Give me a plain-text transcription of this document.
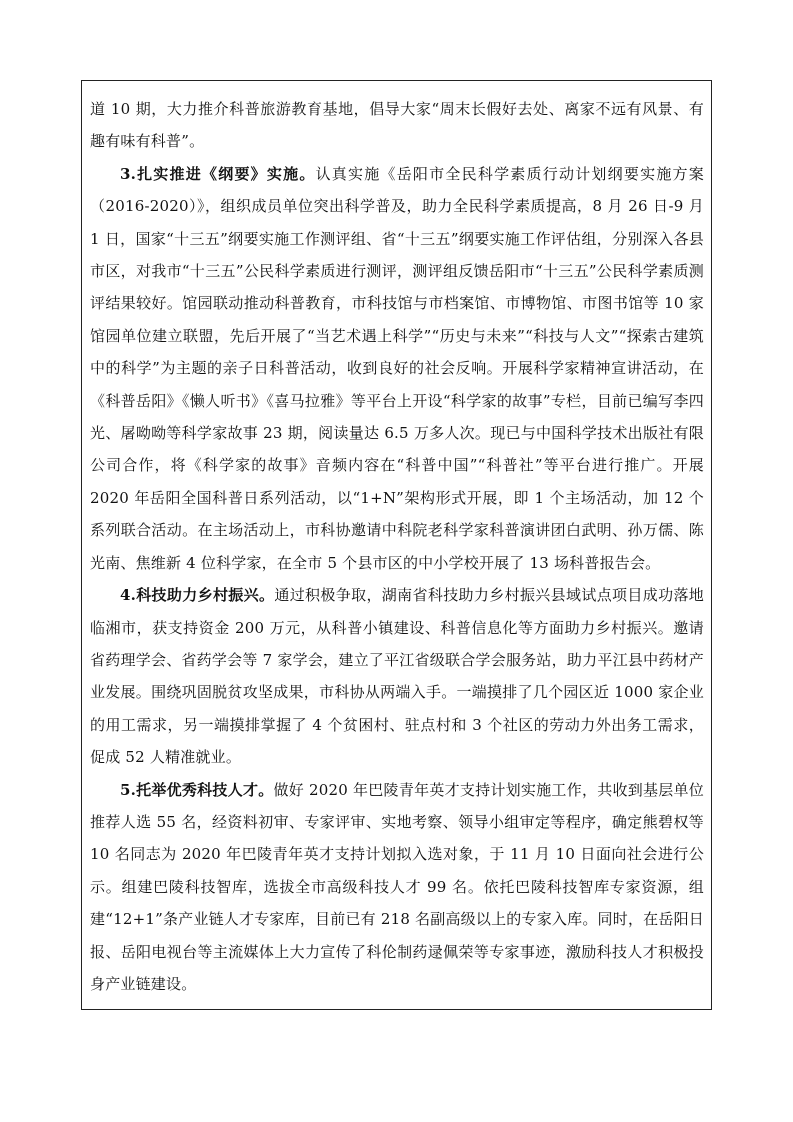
道 10 期，大力推介科普旅游教育基地，倡导大家“周末长假好去处、离家不远有风景、有趣有味有科普”。

3.扎实推进《纲要》实施。认真实施《岳阳市全民科学素质行动计划纲要实施方案（2016-2020）》，组织成员单位突出科学普及，助力全民科学素质提高，8 月 26 日-9 月 1 日，国家“十三五”纲要实施工作测评组、省“十三五”纲要实施工作评估组，分别深入各县市区，对我市“十三五”公民科学素质进行测评，测评组反馈岳阳市“十三五”公民科学素质测评结果较好。馆园联动推动科普教育，市科技馆与市档案馆、市博物馆、市图书馆等 10 家馆园单位建立联盟，先后开展了“当艺术遇上科学”“历史与未来”“科技与人文”“探索古建筑中的科学”为主题的亲子日科普活动，收到良好的社会反响。开展科学家精神宣讲活动，在《科普岳阳》《懒人听书》《喜马拉雅》等平台上开设“科学家的故事”专栏，目前已编写李四光、屠呦呦等科学家故事 23 期，阅读量达 6.5 万多人次。现已与中国科学技术出版社有限公司合作，将《科学家的故事》音频内容在“科普中国”“科普社”等平台进行推广。开展 2020 年岳阳全国科普日系列活动，以“1+N”架构形式开展，即 1 个主场活动，加 12 个系列联合活动。在主场活动上，市科协邀请中科院老科学家科普演讲团白武明、孙万儒、陈光南、焦维新 4 位科学家，在全市 5 个县市区的中小学校开展了 13 场科普报告会。

4.科技助力乡村振兴。通过积极争取，湖南省科技助力乡村振兴县域试点项目成功落地临湘市，获支持资金 200 万元，从科普小镇建设、科普信息化等方面助力乡村振兴。邀请省药理学会、省药学会等 7 家学会，建立了平江省级联合学会服务站，助力平江县中药材产业发展。围绕巩固脱贫攻坚成果，市科协从两端入手。一端摸排了几个园区近 1000 家企业的用工需求，另一端摸排掌握了 4 个贫困村、驻点村和 3 个社区的劳动力外出务工需求，促成 52 人精准就业。

5.托举优秀科技人才。做好 2020 年巴陵青年英才支持计划实施工作，共收到基层单位推荐人选 55 名，经资料初审、专家评审、实地考察、领导小组审定等程序，确定熊碧权等 10 名同志为 2020 年巴陵青年英才支持计划拟入选对象，于 11 月 10 日面向社会进行公示。组建巴陵科技智库，选拔全市高级科技人才 99 名。依托巴陵科技智库专家资源，组建“12+1”条产业链人才专家库，目前已有 218 名副高级以上的专家入库。同时，在岳阳日报、岳阳电视台等主流媒体上大力宣传了科伦制药逯佩荣等专家事迹，激励科技人才积极投身产业链建设。
